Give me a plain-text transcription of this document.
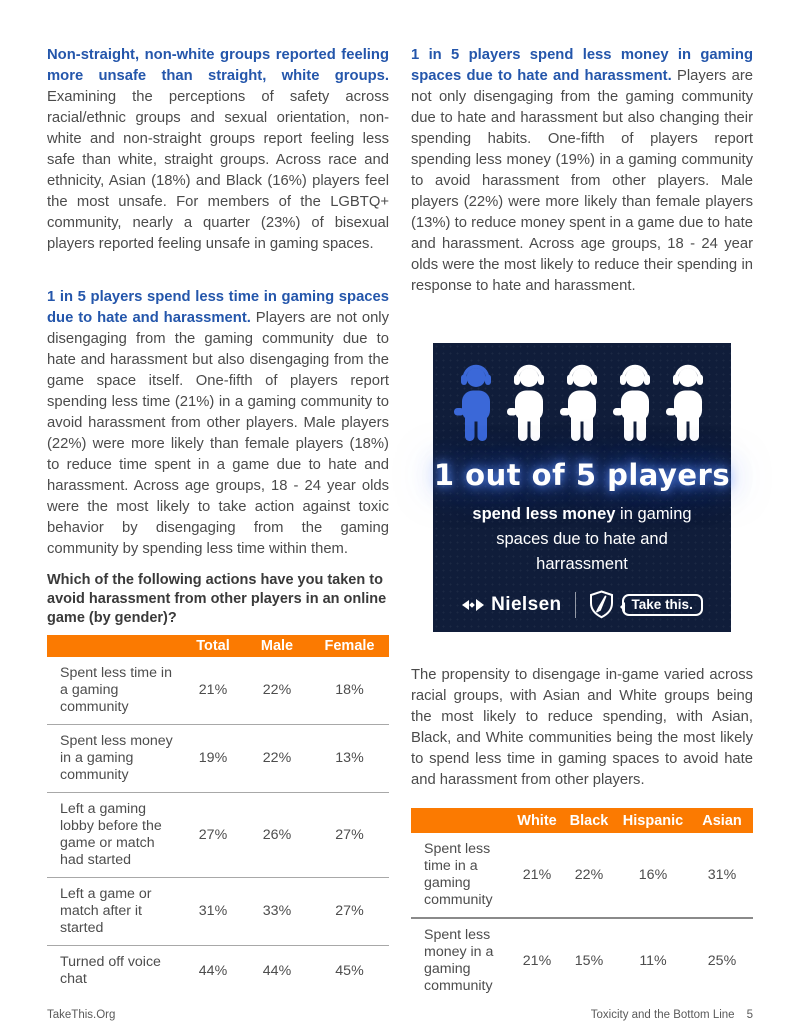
Non-straight, non-white groups reported feeling more unsafe than straight, white groups. Examining the perceptions of safety across racial/ethnic groups and sexual orientation, non-white and non-straight groups report feeling less safe than white, straight groups. Across race and ethnicity, Asian (18%) and Black (16%) players feel the most unsafe. For members of the LGBTQ+ community, nearly a quarter (23%) of bisexual players reported feeling unsafe in gaming spaces.

1 in 5 players spend less time in gaming spaces due to hate and harassment. Players are not only disengaging from the gaming community due to hate and harassment but also disengaging from the game space itself. One-fifth of players report spending less time (21%) in a gaming community to avoid harassment from other players. Male players (22%) were more likely than female players (18%) to reduce time spent in a game due to hate and harassment. Across age groups, 18 - 24 year olds were the most likely to take action against toxic behavior by disengaging from the gaming community by spending less time within them.

Which of the following actions have you taken to avoid harassment from other players in an online game (by gender)?
	Total	Male	Female
Spent less time in a gaming community	21%	22%	18%
Spent less money in a gaming community	19%	22%	13%
Left a gaming lobby before the game or match had started	27%	26%	27%
Left a game or match after it started	31%	33%	27%
Turned off voice chat	44%	44%	45%

1 in 5 players spend less money in gaming spaces due to hate and harassment. Players are not only disengaging from the gaming community due to hate and harassment but also changing their spending habits. One-fifth of players report spending less money (19%) in a gaming community to avoid harassment from other players. Male players (22%) were more likely than female players (13%) to reduce money spent in a game due to hate and harassment. Across age groups, 18 - 24 year olds were the most likely to reduce their spending in response to hate and harassment.

1 out of 5 players
spend less money in gaming spaces due to hate and harrassment
Nielsen	Take this.

The propensity to disengage in-game varied across racial groups, with Asian and White groups being the most likely to reduce spending, with Asian, Black, and White communities being the most likely to spend less time in gaming spaces to avoid hate and harassment from other players.

	White	Black	Hispanic	Asian
Spent less time in a gaming community	21%	22%	16%	31%
Spent less money in a gaming community	21%	15%	11%	25%
TakeThis.Org	Toxicity and the Bottom Line 5
